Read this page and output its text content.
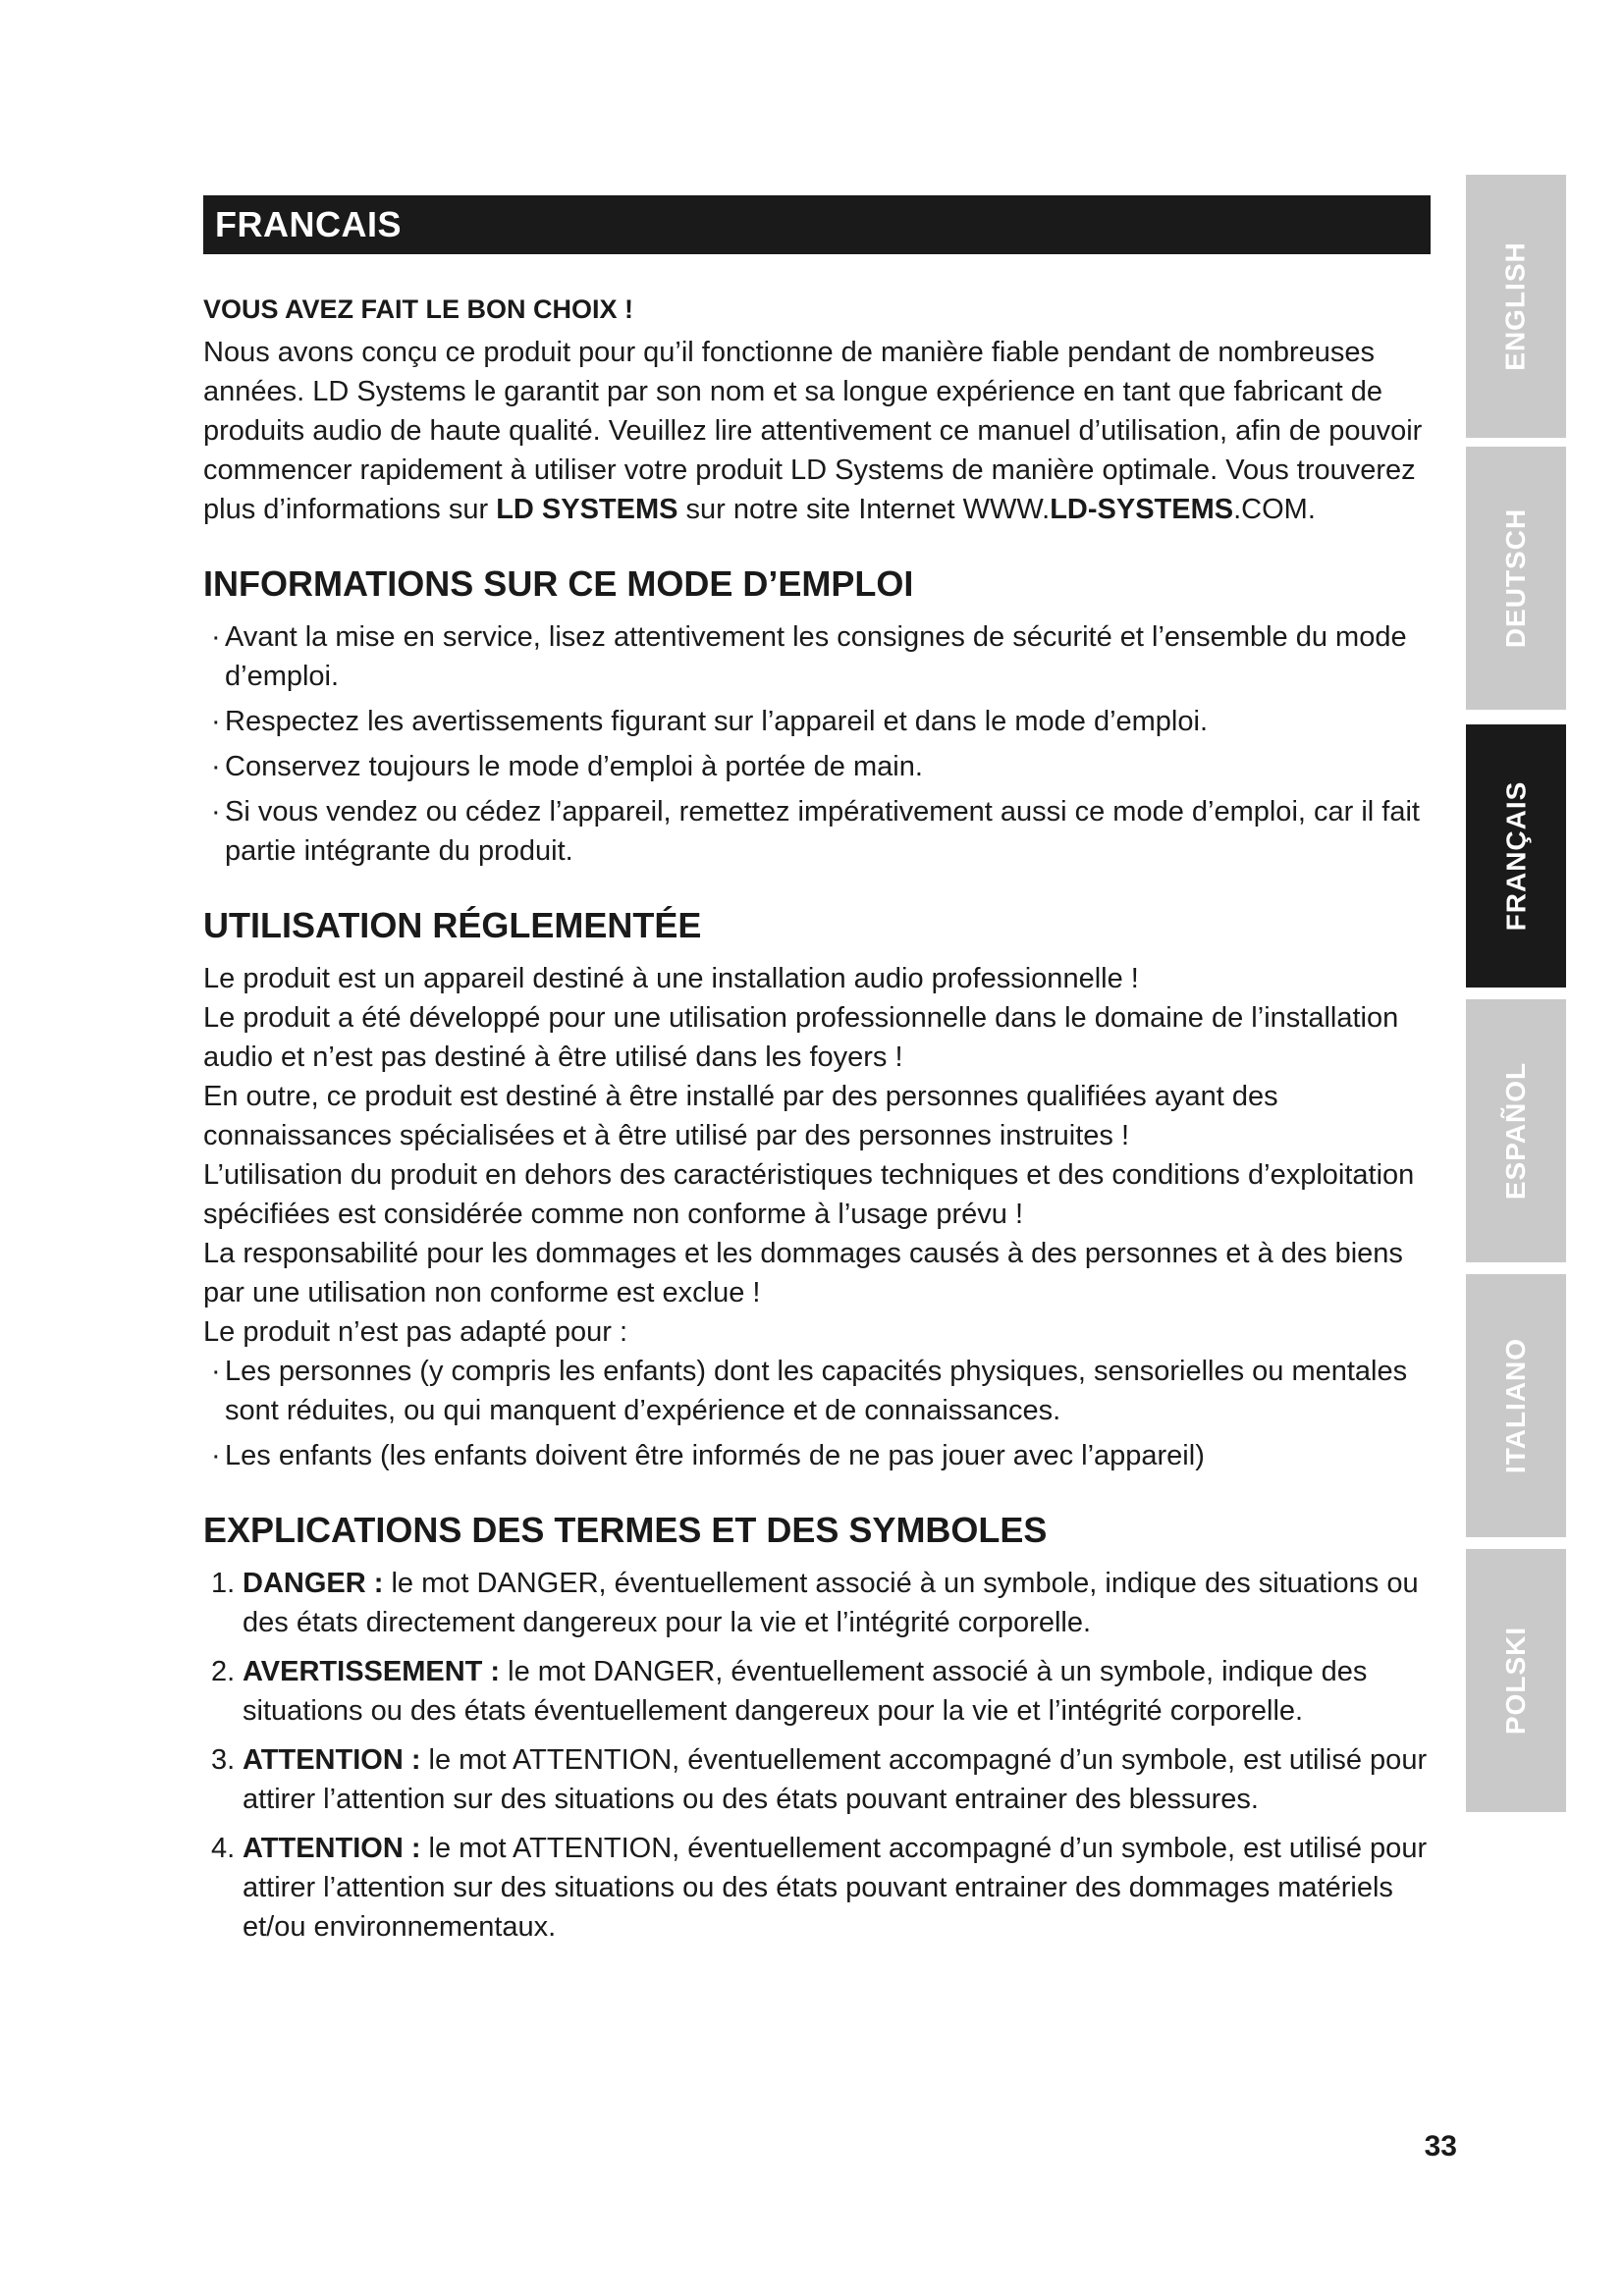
FRANCAIS
VOUS AVEZ FAIT LE BON CHOIX !

Nous avons conçu ce produit pour qu’il fonctionne de manière fiable pendant de nombreuses années. LD Systems le garantit par son nom et sa longue expérience en tant que fabricant de produits audio de haute qualité. Veuillez lire attentivement ce manuel d’utilisation, afin de pouvoir commencer rapidement à utiliser votre produit LD Systems de manière optimale. Vous trouverez plus d’informations sur LD SYSTEMS sur notre site Internet WWW.LD-SYSTEMS.COM.

INFORMATIONS SUR CE MODE D’EMPLOI
· Avant la mise en service, lisez attentivement les consignes de sécurité et l’ensemble du mode d’emploi.
· Respectez les avertissements figurant sur l’appareil et dans le mode d’emploi.
· Conservez toujours le mode d’emploi à portée de main.
· Si vous vendez ou cédez l’appareil, remettez impérativement aussi ce mode d’emploi, car il fait partie intégrante du produit.
UTILISATION RÉGLEMENTÉE

Le produit est un appareil destiné à une installation audio professionnelle !

Le produit a été développé pour une utilisation professionnelle dans le domaine de l’installation audio et n’est pas destiné à être utilisé dans les foyers !

En outre, ce produit est destiné à être installé par des personnes qualifiées ayant des connaissances spécialisées et à être utilisé par des personnes instruites !

L’utilisation du produit en dehors des caractéristiques techniques et des conditions d’exploitation spécifiées est considérée comme non conforme à l’usage prévu !

La responsabilité pour les dommages et les dommages causés à des personnes et à des biens par une utilisation non conforme est exclue !

Le produit n’est pas adapté pour :

· Les personnes (y compris les enfants) dont les capacités physiques, sensorielles ou mentales sont réduites, ou qui manquent d’expérience et de connaissances.
· Les enfants (les enfants doivent être informés de ne pas jouer avec l’appareil)
EXPLICATIONS DES TERMES ET DES SYMBOLES
1. DANGER : le mot DANGER, éventuellement associé à un symbole, indique des situations ou des états directement dangereux pour la vie et l’intégrité corporelle.
2. AVERTISSEMENT : le mot DANGER, éventuellement associé à un symbole, indique des situations ou des états éventuellement dangereux pour la vie et l’intégrité corporelle.
3. ATTENTION : le mot ATTENTION, éventuellement accompagné d’un symbole, est utilisé pour attirer l’attention sur des situations ou des états pouvant entrainer des blessures.
4. ATTENTION : le mot ATTENTION, éventuellement accompagné d’un symbole, est utilisé pour attirer l’attention sur des situations ou des états pouvant entrainer des dommages matériels et/ou environnementaux.
ENGLISH
DEUTSCH
FRANÇAIS
ESPAÑOL
ITALIANO
POLSKI
33
